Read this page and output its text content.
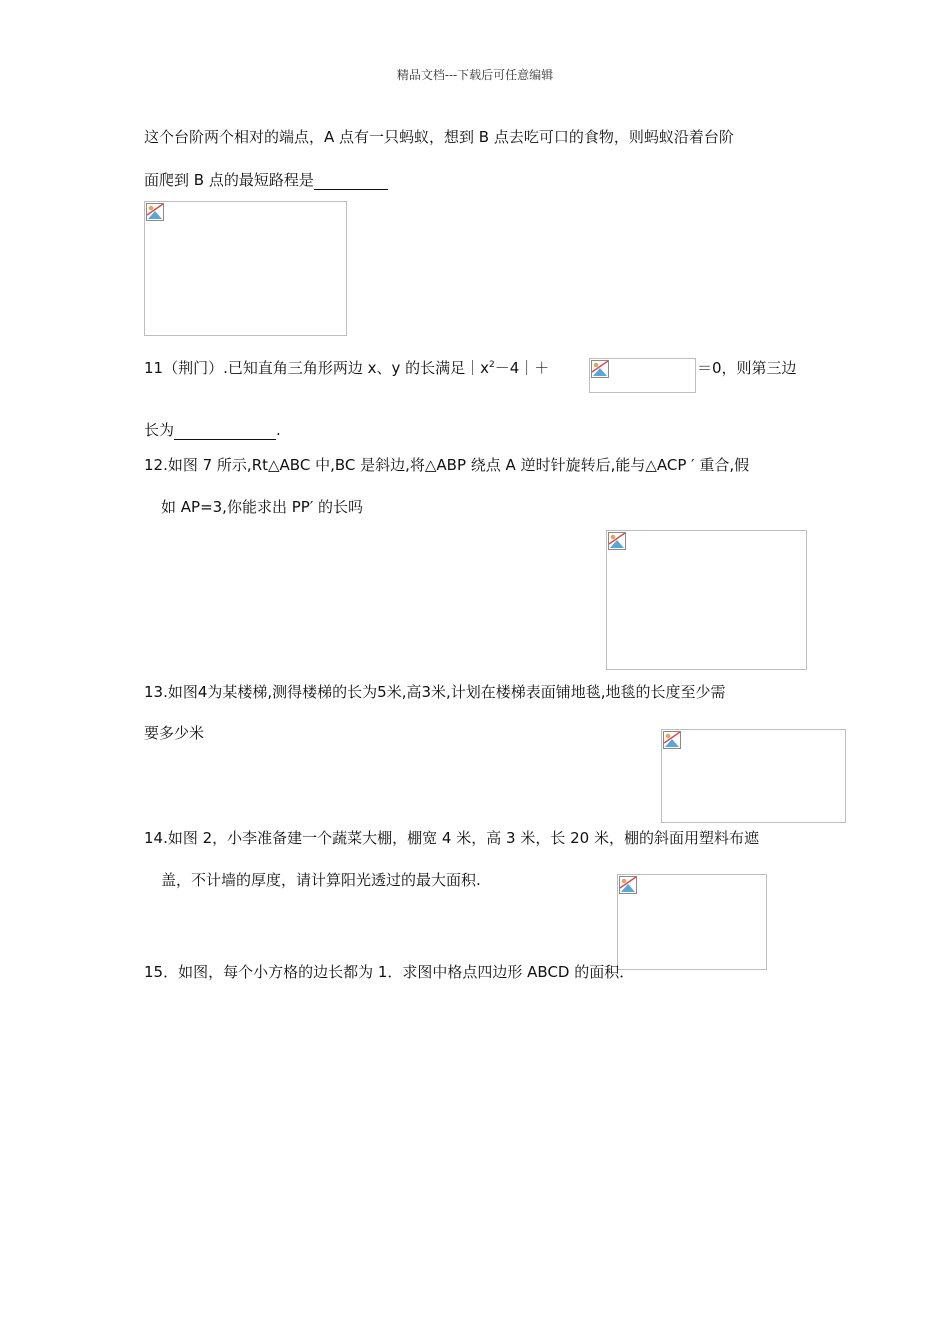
精品文档---下载后可任意编辑
这个台阶两个相对的端点，A 点有一只蚂蚁，想到 B 点去吃可口的食物，则蚂蚁沿着台阶
面爬到 B 点的最短路程是
11（荆门）.已知直角三角形两边 x、y 的长满足$|x^2-4|+$	＝0，则第三边
长为	.
12.如图 7 所示,Rt△ABC 中,BC 是斜边,将△ABP 绕点 A 逆时针旋转后,能与△ACP ′ 重合,假
如 AP=3,你能求出 PP′ 的长吗
13.如图4为某楼梯,测得楼梯的长为5米,高3米,计划在楼梯表面铺地毯,地毯的长度至少需
要多少米
14.如图 2，小李准备建一个蔬菜大棚，棚宽 4 米，高 3 米，长 20 米，棚的斜面用塑料布遮
盖，不计墙的厚度，请计算阳光透过的最大面积.
15．如图，每个小方格的边长都为 1．求图中格点四边形 ABCD 的面积．
